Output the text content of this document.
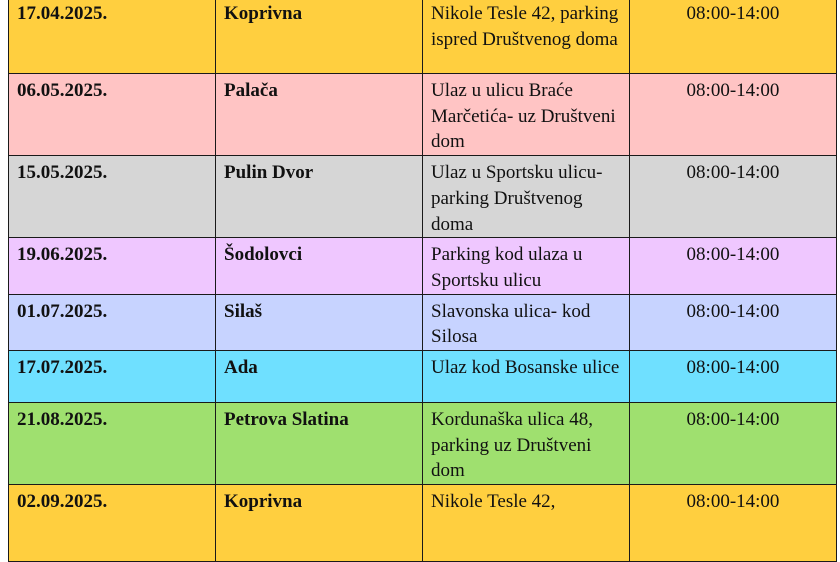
17.04.2025.	Koprivna	Nikole Tesle 42, parking ispred Društvenog doma	08:00-14:00
06.05.2025.	Palača	Ulaz u ulicu Braće Marčetića- uz Društveni dom	08:00-14:00
15.05.2025.	Pulin Dvor	Ulaz u Sportsku ulicu-parking Društvenog doma	08:00-14:00
19.06.2025.	Šodolovci	Parking kod ulaza u Sportsku ulicu	08:00-14:00
01.07.2025.	Silaš	Slavonska ulica- kod Silosa	08:00-14:00
17.07.2025.	Ada	Ulaz kod Bosanske ulice	08:00-14:00
21.08.2025.	Petrova Slatina	Kordunaška ulica 48, parking uz Društveni dom	08:00-14:00
02.09.2025.	Koprivna	Nikole Tesle 42,	08:00-14:00
